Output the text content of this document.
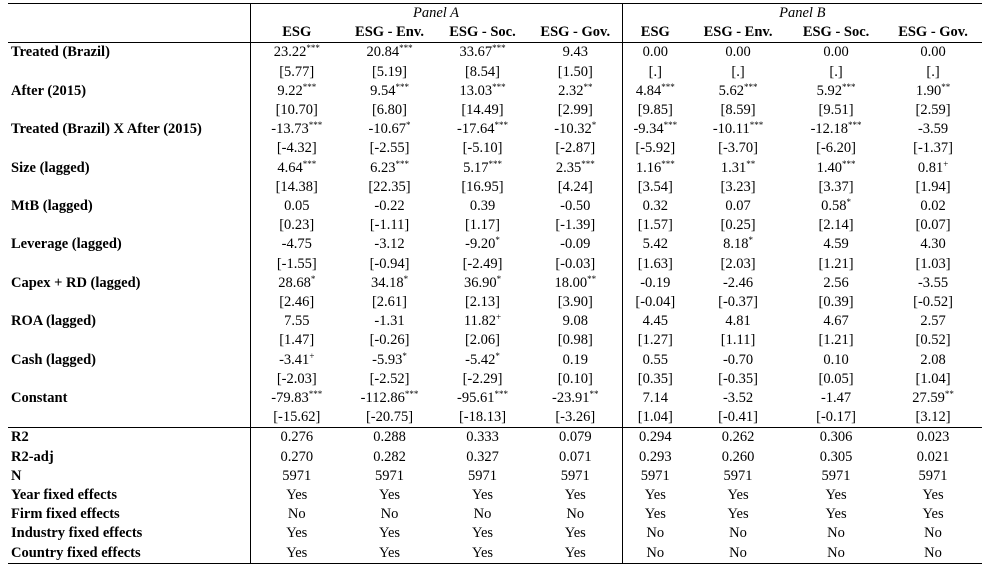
	Panel A				Panel B			
	ESG	ESG - Env.	ESG - Soc.	ESG - Gov.	ESG	ESG - Env.	ESG - Soc.	ESG - Gov.
Treated (Brazil)	23.22***	20.84***	33.67***	9.43	0.00	0.00	0.00	0.00
	[5.77]	[5.19]	[8.54]	[1.50]	[.]	[.]	[.]	[.]
After (2015)	9.22***	9.54***	13.03***	2.32**	4.84***	5.62***	5.92***	1.90**
	[10.70]	[6.80]	[14.49]	[2.99]	[9.85]	[8.59]	[9.51]	[2.59]
Treated (Brazil) X After (2015)	-13.73***	-10.67*	-17.64***	-10.32*	-9.34***	-10.11***	-12.18***	-3.59
	[-4.32]	[-2.55]	[-5.10]	[-2.87]	[-5.92]	[-3.70]	[-6.20]	[-1.37]
Size (lagged)	4.64***	6.23***	5.17***	2.35***	1.16***	1.31**	1.40***	0.81+
	[14.38]	[22.35]	[16.95]	[4.24]	[3.54]	[3.23]	[3.37]	[1.94]
MtB (lagged)	0.05	-0.22	0.39	-0.50	0.32	0.07	0.58*	0.02
	[0.23]	[-1.11]	[1.17]	[-1.39]	[1.57]	[0.25]	[2.14]	[0.07]
Leverage (lagged)	-4.75	-3.12	-9.20*	-0.09	5.42	8.18*	4.59	4.30
	[-1.55]	[-0.94]	[-2.49]	[-0.03]	[1.63]	[2.03]	[1.21]	[1.03]
Capex + RD (lagged)	28.68*	34.18*	36.90*	18.00**	-0.19	-2.46	2.56	-3.55
	[2.46]	[2.61]	[2.13]	[3.90]	[-0.04]	[-0.37]	[0.39]	[-0.52]
ROA (lagged)	7.55	-1.31	11.82+	9.08	4.45	4.81	4.67	2.57
	[1.47]	[-0.26]	[2.06]	[0.98]	[1.27]	[1.11]	[1.21]	[0.52]
Cash (lagged)	-3.41+	-5.93*	-5.42*	0.19	0.55	-0.70	0.10	2.08
	[-2.03]	[-2.52]	[-2.29]	[0.10]	[0.35]	[-0.35]	[0.05]	[1.04]
Constant	-79.83***	-112.86***	-95.61***	-23.91**	7.14	-3.52	-1.47	27.59**
	[-15.62]	[-20.75]	[-18.13]	[-3.26]	[1.04]	[-0.41]	[-0.17]	[3.12]
R2	0.276	0.288	0.333	0.079	0.294	0.262	0.306	0.023
R2-adj	0.270	0.282	0.327	0.071	0.293	0.260	0.305	0.021
N	5971	5971	5971	5971	5971	5971	5971	5971
Year fixed effects	Yes	Yes	Yes	Yes	Yes	Yes	Yes	Yes
Firm fixed effects	No	No	No	No	Yes	Yes	Yes	Yes
Industry fixed effects	Yes	Yes	Yes	Yes	No	No	No	No
Country fixed effects	Yes	Yes	Yes	Yes	No	No	No	No
